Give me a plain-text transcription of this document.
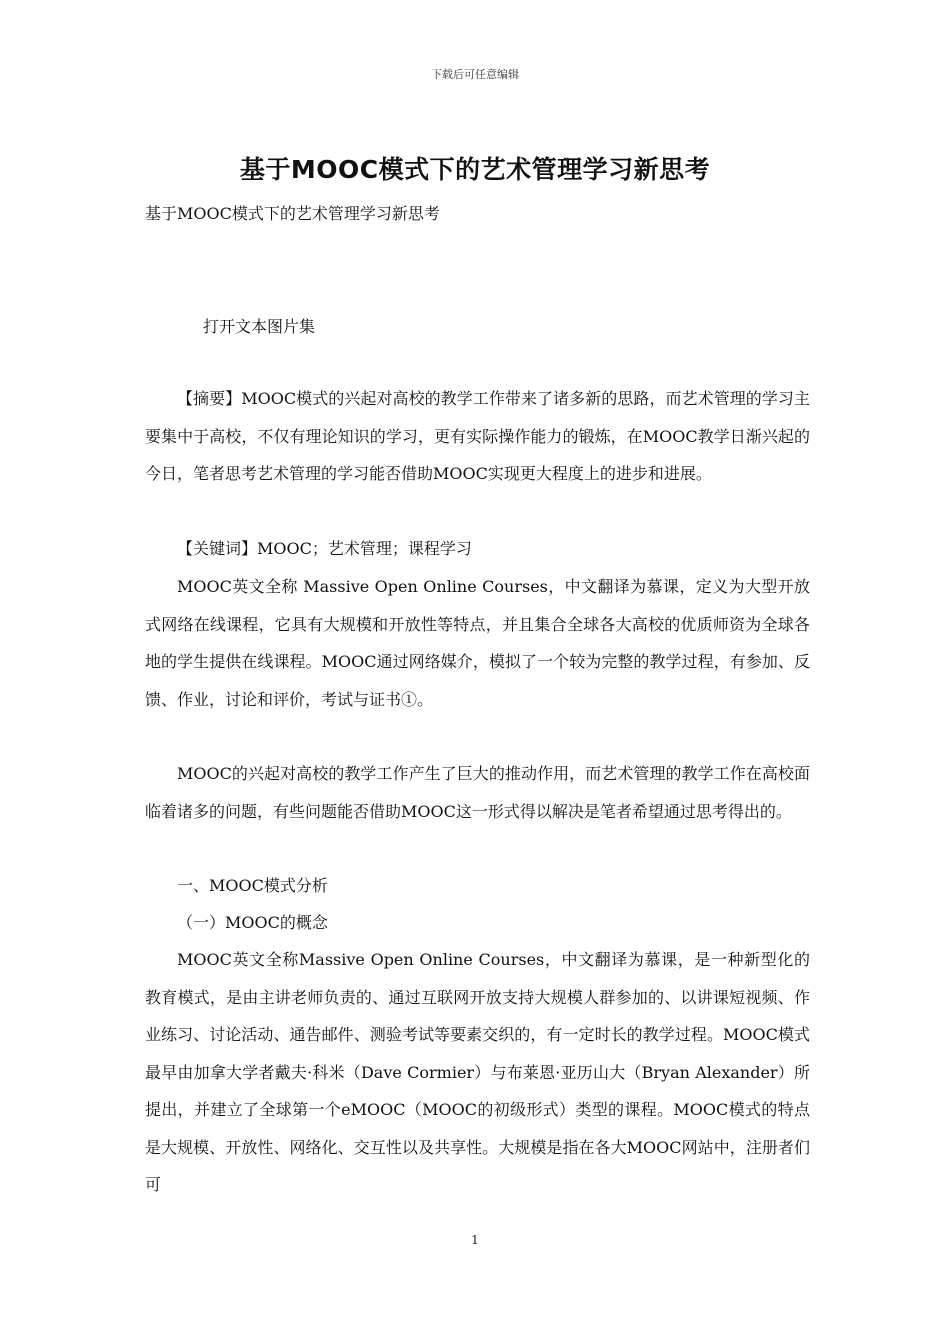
下载后可任意编辑
基于MOOC模式下的艺术管理学习新思考
基于MOOC模式下的艺术管理学习新思考
打开文本图片集

【摘要】MOOC模式的兴起对高校的教学工作带来了诸多新的思路，而艺术管理的学习主要集中于高校，不仅有理论知识的学习，更有实际操作能力的锻炼，在MOOC教学日渐兴起的今日，笔者思考艺术管理的学习能否借助MOOC实现更大程度上的进步和进展。

【关键词】MOOC；艺术管理；课程学习

MOOC英文全称 Massive Open Online Courses，中文翻译为慕课，定义为大型开放式网络在线课程，它具有大规模和开放性等特点，并且集合全球各大高校的优质师资为全球各地的学生提供在线课程。MOOC通过网络媒介，模拟了一个较为完整的教学过程，有参加、反馈、作业，讨论和评价，考试与证书①。

MOOC的兴起对高校的教学工作产生了巨大的推动作用，而艺术管理的教学工作在高校面临着诸多的问题，有些问题能否借助MOOC这一形式得以解决是笔者希望通过思考得出的。

一、MOOC模式分析

（一）MOOC的概念

MOOC英文全称Massive Open Online Courses，中文翻译为慕课，是一种新型化的教育模式，是由主讲老师负责的、通过互联网开放支持大规模人群参加的、以讲课短视频、作业练习、讨论活动、通告邮件、测验考试等要素交织的，有一定时长的教学过程。MOOC模式最早由加拿大学者戴夫·科米（Dave Cormier）与布莱恩·亚历山大（Bryan Alexander）所提出，并建立了全球第一个eMOOC（MOOC的初级形式）类型的课程。MOOC模式的特点是大规模、开放性、网络化、交互性以及共享性。大规模是指在各大MOOC网站中，注册者们可

1
